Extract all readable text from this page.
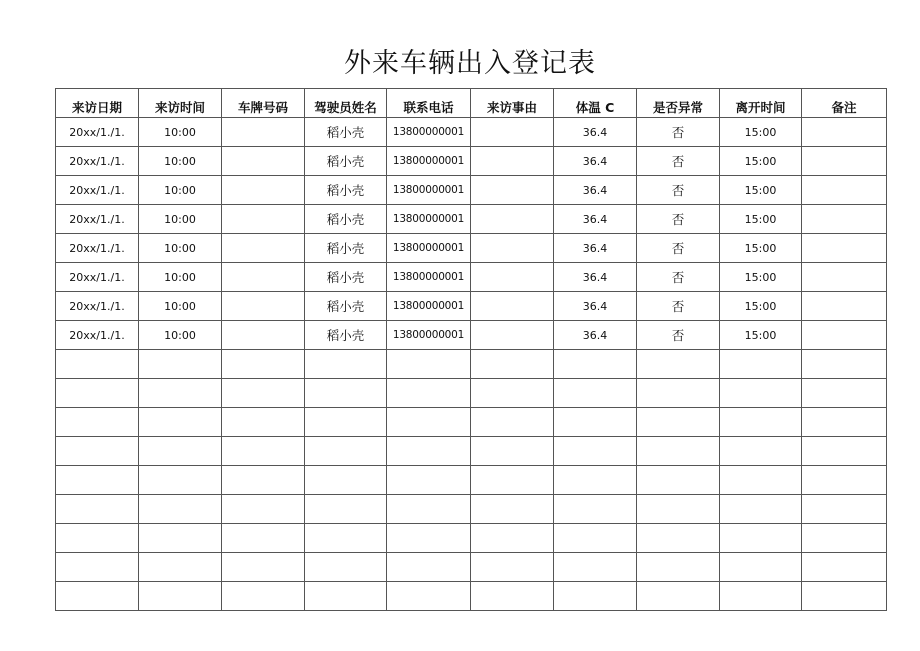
外来车辆出入登记表
来访日期	来访时间	车牌号码	驾驶员姓名	联系电话	来访事由	体温 C	是否异常	离开时间	备注
20xx/1./1.	10:00		稻小壳	13800000001		36.4	否	15:00	
20xx/1./1.	10:00		稻小壳	13800000001		36.4	否	15:00	
20xx/1./1.	10:00		稻小壳	13800000001		36.4	否	15:00	
20xx/1./1.	10:00		稻小壳	13800000001		36.4	否	15:00	
20xx/1./1.	10:00		稻小壳	13800000001		36.4	否	15:00	
20xx/1./1.	10:00		稻小壳	13800000001		36.4	否	15:00	
20xx/1./1.	10:00		稻小壳	13800000001		36.4	否	15:00	
20xx/1./1.	10:00		稻小壳	13800000001		36.4	否	15:00	
